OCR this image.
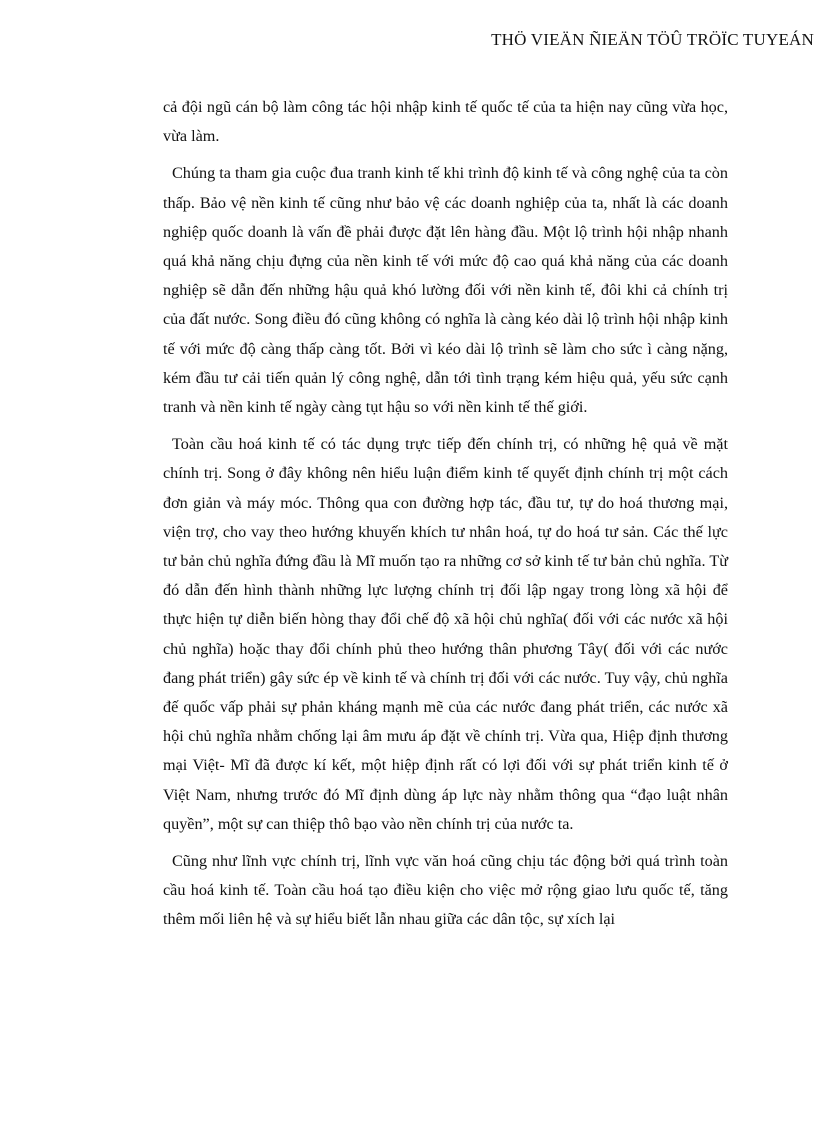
THÖ VIEÄN ÑIEÄN TÖÛ TRÖÏC TUYEÁN

cả đội ngũ cán bộ làm công tác hội nhập kinh tế quốc tế của ta hiện nay cũng vừa học, vừa làm.

Chúng ta tham gia cuộc đua tranh kinh tế khi trình độ kinh tế và công nghệ của ta còn thấp. Bảo vệ nền kinh tế cũng như bảo vệ các doanh nghiệp của ta, nhất là các doanh nghiệp quốc doanh là vấn đề phải được đặt lên hàng đầu. Một lộ trình hội nhập nhanh quá khả năng chịu đựng của nền kinh tế với mức độ cao quá khả năng của các doanh nghiệp sẽ dẫn đến những hậu quả khó lường đối với nền kinh tế, đôi khi cả chính trị của đất nước. Song điều đó cũng không có nghĩa là càng kéo dài lộ trình hội nhập kinh tế với mức độ càng thấp càng tốt. Bởi vì kéo dài lộ trình sẽ làm cho sức ì càng nặng, kém đầu tư cải tiến quản lý công nghệ, dẫn tới tình trạng kém hiệu quả, yếu sức cạnh tranh và nền kinh tế ngày càng tụt hậu so với nền kinh tế thế giới.

Toàn cầu hoá kinh tế có tác dụng trực tiếp đến chính trị, có những hệ quả về mặt chính trị. Song ở đây không nên hiểu luận điểm kinh tế quyết định chính trị một cách đơn giản và máy móc. Thông qua con đường hợp tác, đầu tư, tự do hoá thương mại, viện trợ, cho vay theo hướng khuyến khích tư nhân hoá, tự do hoá tư sản. Các thế lực tư bản chủ nghĩa đứng đầu là Mĩ muốn tạo ra những cơ sở kinh tế tư bản chủ nghĩa. Từ đó dẫn đến hình thành những lực lượng chính trị đối lập ngay trong lòng xã hội để thực hiện tự diễn biến hòng thay đổi chế độ xã hội chủ nghĩa( đối với các nước xã hội chủ nghĩa) hoặc thay đổi chính phủ theo hướng thân phương Tây( đối với các nước đang phát triển) gây sức ép về kinh tế và chính trị đối với các nước. Tuy vậy, chủ nghĩa đế quốc vấp phải sự phản kháng mạnh mẽ của các nước đang phát triển, các nước xã hội chủ nghĩa nhằm chống lại âm mưu áp đặt về chính trị. Vừa qua, Hiệp định thương mại Việt- Mĩ đã được kí kết, một hiệp định rất có lợi đối với sự phát triển kinh tế ở Việt Nam, nhưng trước đó Mĩ định dùng áp lực này nhằm thông qua “đạo luật nhân quyền”, một sự can thiệp thô bạo vào nền chính trị của nước ta.

Cũng như lĩnh vực chính trị, lĩnh vực văn hoá cũng chịu tác động bởi quá trình toàn cầu hoá kinh tế. Toàn cầu hoá tạo điều kiện cho việc mở rộng giao lưu quốc tế, tăng thêm mối liên hệ và sự hiểu biết lẫn nhau giữa các dân tộc, sự xích lại
